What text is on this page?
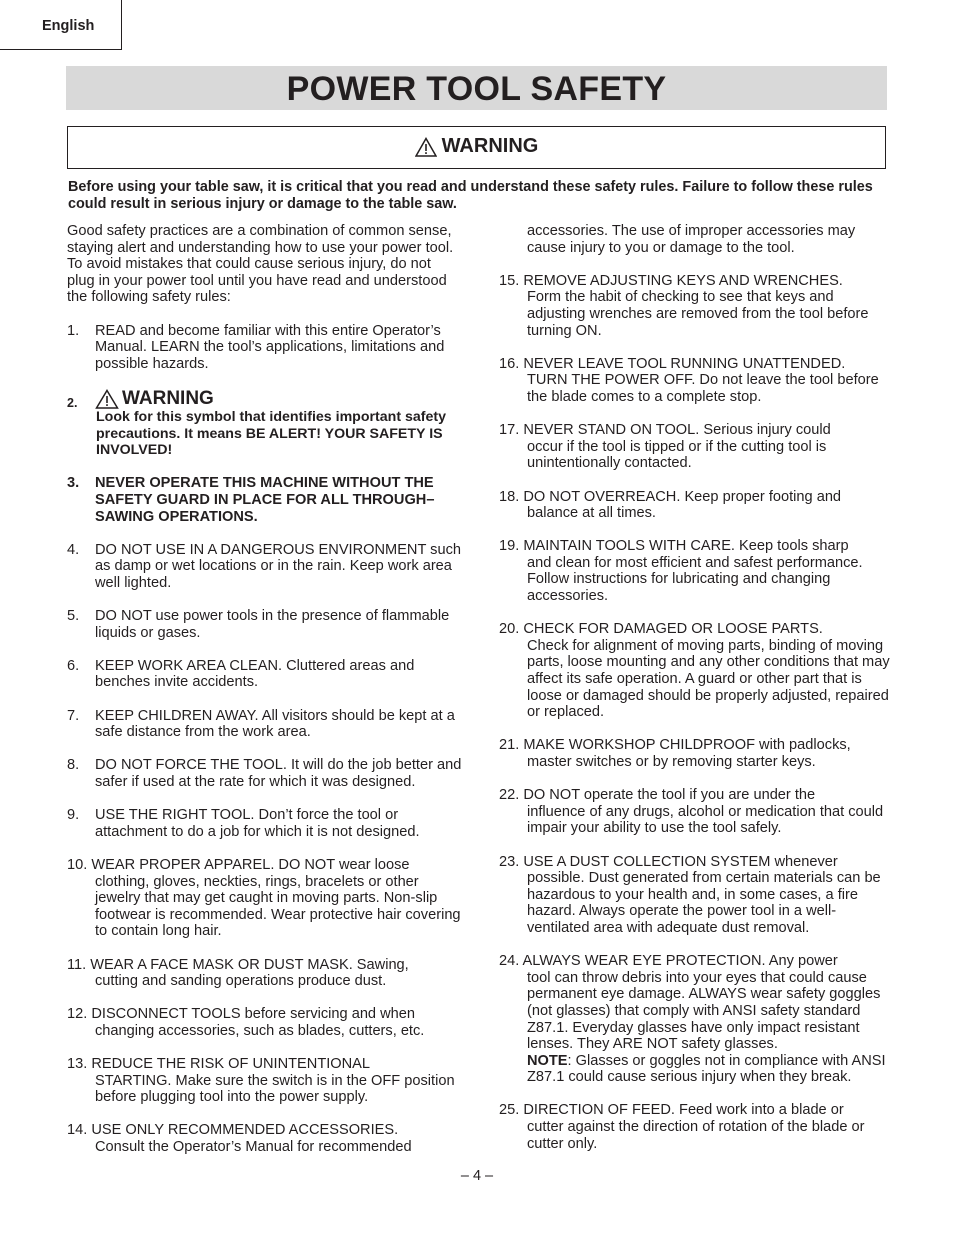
English
POWER TOOL SAFETY
WARNING
Before using your table saw, it is critical that you read and understand these safety rules. Failure to follow these rules could result in serious injury or damage to the table saw.

Good safety practices are a combination of common sense, staying alert and understanding how to use your power tool. To avoid mistakes that could cause serious injury, do not plug in your power tool until you have read and understood the following safety rules:

1. READ and become familiar with this entire Operator’s Manual. LEARN the tool’s applications, limitations and possible hazards.
2. WARNING
Look for this symbol that identifies important safety precautions. It means BE ALERT! YOUR SAFETY IS INVOLVED!
3. NEVER OPERATE THIS MACHINE WITHOUT THE SAFETY GUARD IN PLACE FOR ALL THROUGH–SAWING OPERATIONS.
4. DO NOT USE IN A DANGEROUS ENVIRONMENT such as damp or wet locations or in the rain. Keep work area well lighted.
5. DO NOT use power tools in the presence of flammable liquids or gases.
6. KEEP WORK AREA CLEAN. Cluttered areas and benches invite accidents.
7. KEEP CHILDREN AWAY. All visitors should be kept at a safe distance from the work area.
8. DO NOT FORCE THE TOOL. It will do the job better and safer if used at the rate for which it was designed.
9. USE THE RIGHT TOOL. Don’t force the tool or attachment to do a job for which it is not designed.
10. WEAR PROPER APPAREL. DO NOT wear loose
clothing, gloves, neckties, rings, bracelets or other jewelry that may get caught in moving parts. Non-slip footwear is recommended. Wear protective hair covering to contain long hair.
11. WEAR A FACE MASK OR DUST MASK. Sawing,
cutting and sanding operations produce dust.
12. DISCONNECT TOOLS before servicing and when
changing accessories, such as blades, cutters, etc.
13. REDUCE THE RISK OF UNINTENTIONAL
STARTING. Make sure the switch is in the OFF position before plugging tool into the power supply.
14. USE ONLY RECOMMENDED ACCESSORIES.
Consult the Operator’s Manual for recommended
accessories. The use of improper accessories may cause injury to you or damage to the tool.
15. REMOVE ADJUSTING KEYS AND WRENCHES.
Form the habit of checking to see that keys and adjusting wrenches are removed from the tool before turning ON.
16. NEVER LEAVE TOOL RUNNING UNATTENDED.
TURN THE POWER OFF. Do not leave the tool before the blade comes to a complete stop.
17. NEVER STAND ON TOOL. Serious injury could
occur if the tool is tipped or if the cutting tool is unintentionally contacted.
18. DO NOT OVERREACH. Keep proper footing and
balance at all times.
19. MAINTAIN TOOLS WITH CARE. Keep tools sharp
and clean for most efficient and safest performance. Follow instructions for lubricating and changing accessories.
20. CHECK FOR DAMAGED OR LOOSE PARTS.
Check for alignment of moving parts, binding of moving parts, loose mounting and any other conditions that may affect its safe operation. A guard or other part that is loose or damaged should be properly adjusted, repaired or replaced.
21. MAKE WORKSHOP CHILDPROOF with padlocks,
master switches or by removing starter keys.
22. DO NOT operate the tool if you are under the
influence of any drugs, alcohol or medication that could impair your ability to use the tool safely.
23. USE A DUST COLLECTION SYSTEM whenever
possible. Dust generated from certain materials can be hazardous to your health and, in some cases, a fire hazard. Always operate the power tool in a well-ventilated area with adequate dust removal.
24. ALWAYS WEAR EYE PROTECTION. Any power
tool can throw debris into your eyes that could cause permanent eye damage. ALWAYS wear safety goggles (not glasses) that comply with ANSI safety standard Z87.1. Everyday glasses have only impact resistant lenses. They ARE NOT safety glasses.
NOTE: Glasses or goggles not in compliance with ANSI Z87.1 could cause serious injury when they break.
25. DIRECTION OF FEED. Feed work into a blade or
cutter against the direction of rotation of the blade or cutter only.
– 4 –
